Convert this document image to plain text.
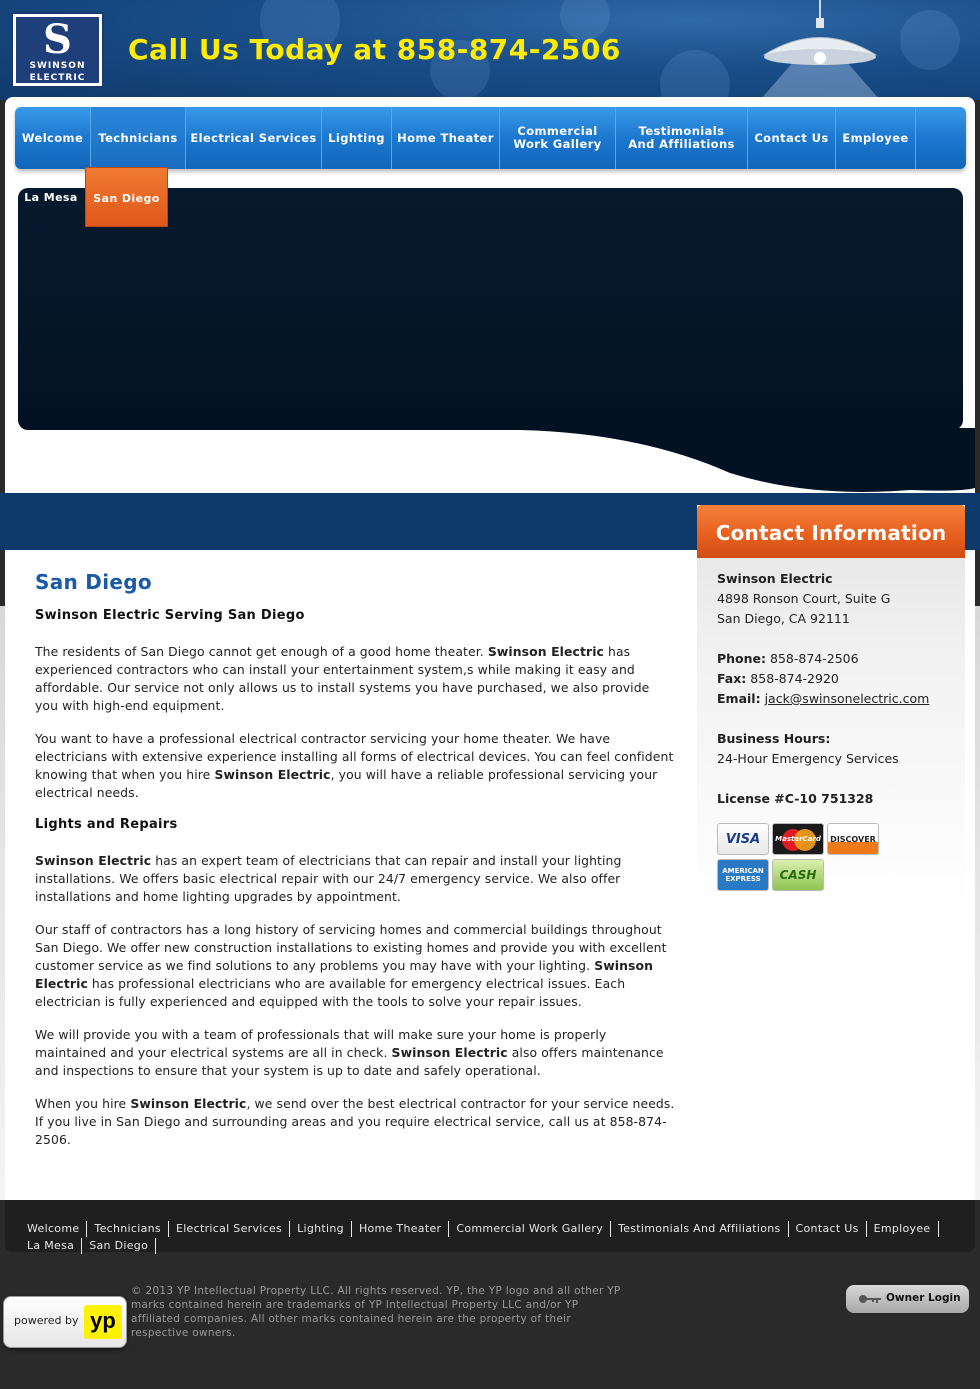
S
SWINSON
ELECTRIC
Call Us Today at 858-874-2506
Welcome	Technicians	Electrical Services Lighting	Home Theater	Commercial
Work Gallery
Testimonials
And Affiliations	Contact Us	Employee
La Mesa	San Diego
San Diego
Swinson Electric Serving San Diego

The residents of San Diego cannot get enough of a good home theater. Swinson Electric has experienced contractors who can install your entertainment system,s while making it easy and affordable. Our service not only allows us to install systems you have purchased, we also provide you with high-end equipment.

You want to have a professional electrical contractor servicing your home theater. We have electricians with extensive experience installing all forms of electrical devices. You can feel confident knowing that when you hire Swinson Electric, you will have a reliable professional servicing your electrical needs.

Lights and Repairs

Swinson Electric has an expert team of electricians that can repair and install your lighting installations. We offers basic electrical repair with our 24/7 emergency service. We also offer installations and home lighting upgrades by appointment.

Our staff of contractors has a long history of servicing homes and commercial buildings throughout San Diego. We offer new construction installations to existing homes and provide you with excellent customer service as we find solutions to any problems you may have with your lighting. Swinson Electric has professional electricians who are available for emergency electrical issues. Each electrician is fully experienced and equipped with the tools to solve your repair issues.

We will provide you with a team of professionals that will make sure your home is properly maintained and your electrical systems are all in check. Swinson Electric also offers maintenance and inspections to ensure that your system is up to date and safely operational.

When you hire Swinson Electric, we send over the best electrical contractor for your service needs. If you live in San Diego and surrounding areas and you require electrical service, call us at 858-874-2506.

Contact Information
Swinson Electric
4898 Ronson Court, Suite G
San Diego, CA 92111
Phone: 858-874-2506
Fax: 858-874-2920
Email: jack@swinsonelectric.com
Business Hours:
24-Hour Emergency Services
License #C-10 751328
VISA	MasterCard	DISCOVER
AMERICAN EXPRESS	CASH
Welcome	Technicians	Electrical Services	Lighting	Home Theater	Commercial Work Gallery	Testimonials And Affiliations	Contact Us	Employee
La Mesa	San Diego
© 2013 YP Intellectual Property LLC. All rights reserved. YP, the YP logo and all other YP marks contained herein are trademarks of YP Intellectual Property LLC and/or YP affiliated companies. All other marks contained herein are the property of their respective owners.
powered by yp
Owner Login
